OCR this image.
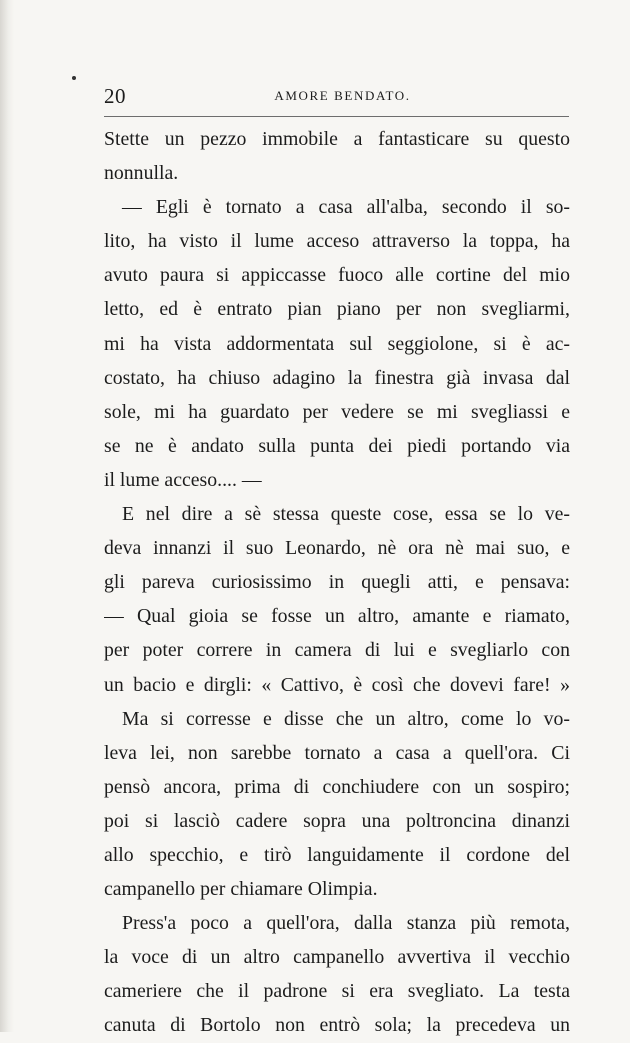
20	AMORE BENDATO.
Stette un pezzo immobile a fantasticare su questo
nonnulla.
— Egli è tornato a casa all'alba, secondo il so-
lito, ha visto il lume acceso attraverso la toppa, ha
avuto paura si appiccasse fuoco alle cortine del mio
letto, ed è entrato pian piano per non svegliarmi,
mi ha vista addormentata sul seggiolone, si è ac-
costato, ha chiuso adagino la finestra già invasa dal
sole, mi ha guardato per vedere se mi svegliassi e
se ne è andato sulla punta dei piedi portando via
il lume acceso.... —
E nel dire a sè stessa queste cose, essa se lo ve-
deva innanzi il suo Leonardo, nè ora nè mai suo, e
gli pareva curiosissimo in quegli atti, e pensava:
— Qual gioia se fosse un altro, amante e riamato,
per poter correre in camera di lui e svegliarlo con
un bacio e dirgli: « Cattivo, è così che dovevi fare! »
Ma si corresse e disse che un altro, come lo vo-
leva lei, non sarebbe tornato a casa a quell'ora. Ci
pensò ancora, prima di conchiudere con un sospiro;
poi si lasciò cadere sopra una poltroncina dinanzi
allo specchio, e tirò languidamente il cordone del
campanello per chiamare Olimpia.
Press'a poco a quell'ora, dalla stanza più remota,
la voce di un altro campanello avvertiva il vecchio
cameriere che il padrone si era svegliato. La testa
canuta di Bortolo non entrò sola; la precedeva un
